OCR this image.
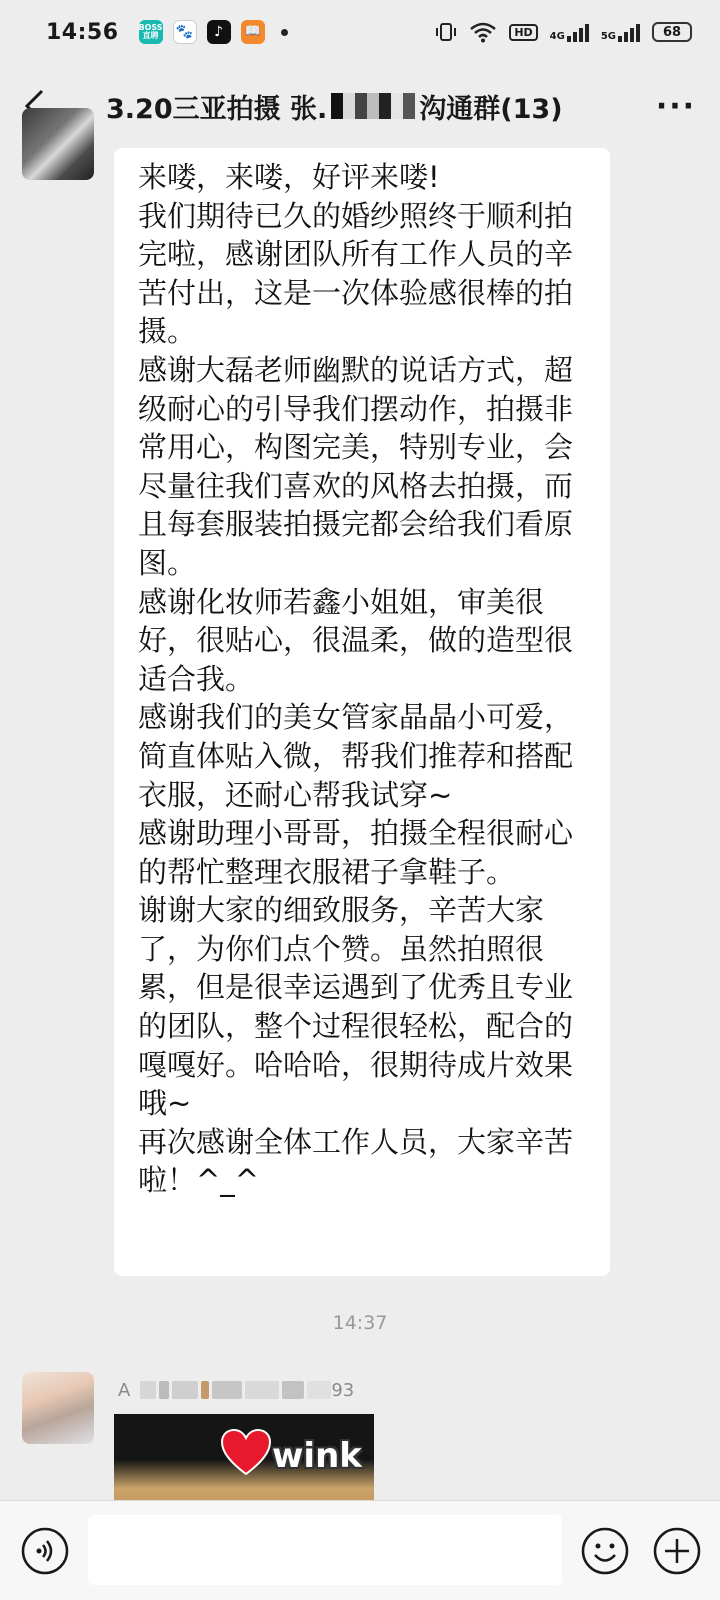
14:56 BOSS
直聘 🐾	♪	📖	HD	4G	5G	68
3.20三亚拍摄 张.	沟通群(13)	···
来喽，来喽，好评来喽!
我们期待已久的婚纱照终于顺利拍
完啦，感谢团队所有工作人员的辛
苦付出，这是一次体验感很棒的拍
摄。
感谢大磊老师幽默的说话方式，超
级耐心的引导我们摆动作，拍摄非
常用心，构图完美，特别专业，会
尽量往我们喜欢的风格去拍摄，而
且每套服装拍摄完都会给我们看原
图。
感谢化妆师若鑫小姐姐，审美很
好，很贴心，很温柔，做的造型很
适合我。
感谢我们的美女管家晶晶小可爱，
简直体贴入微，帮我们推荐和搭配
衣服，还耐心帮我试穿~
感谢助理小哥哥，拍摄全程很耐心
的帮忙整理衣服裙子拿鞋子。
谢谢大家的细致服务，辛苦大家
了，为你们点个赞。虽然拍照很
累，但是很幸运遇到了优秀且专业
的团队，整个过程很轻松，配合的
嘎嘎好。哈哈哈，很期待成片效果
哦~
再次感谢全体工作人员，大家辛苦
啦！^_^
14:37
A	93
wink
